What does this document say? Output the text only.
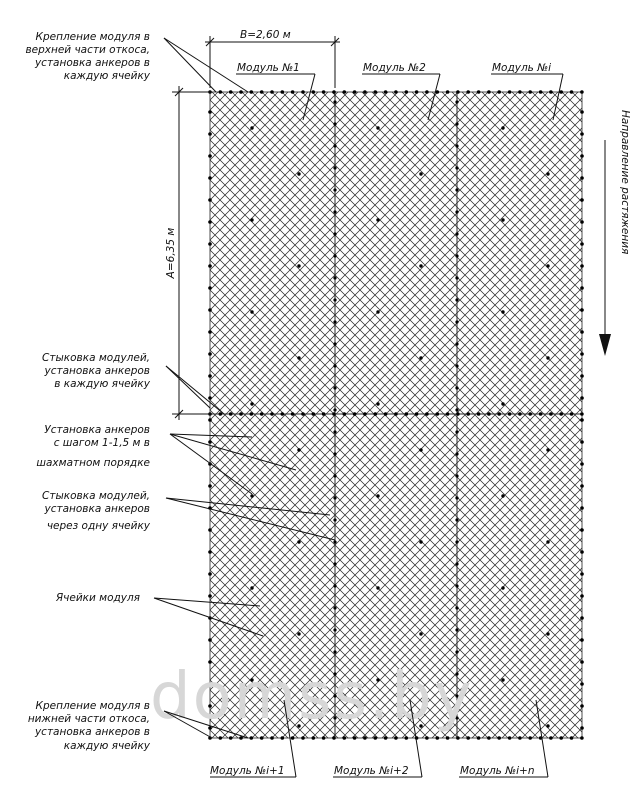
domss.by
B=2,60 м
A=6,35 м	Направление растяжения
Модуль №1	Модуль №2	Модуль №i
Модуль №i+1	Модуль №i+2	Модуль №i+n
Крепление модуля в
верхней части откоса,
установка анкеров в
каждую ячейку
Стыковка модулей,
установка анкеров
в каждую ячейку
Установка анкеров
с шагом 1-1,5 м в
шахматном порядке
Стыковка модулей,
установка анкеров
через одну ячейку
Ячейки модуля
Крепление модуля в
нижней части откоса,
установка анкеров в
каждую ячейку
